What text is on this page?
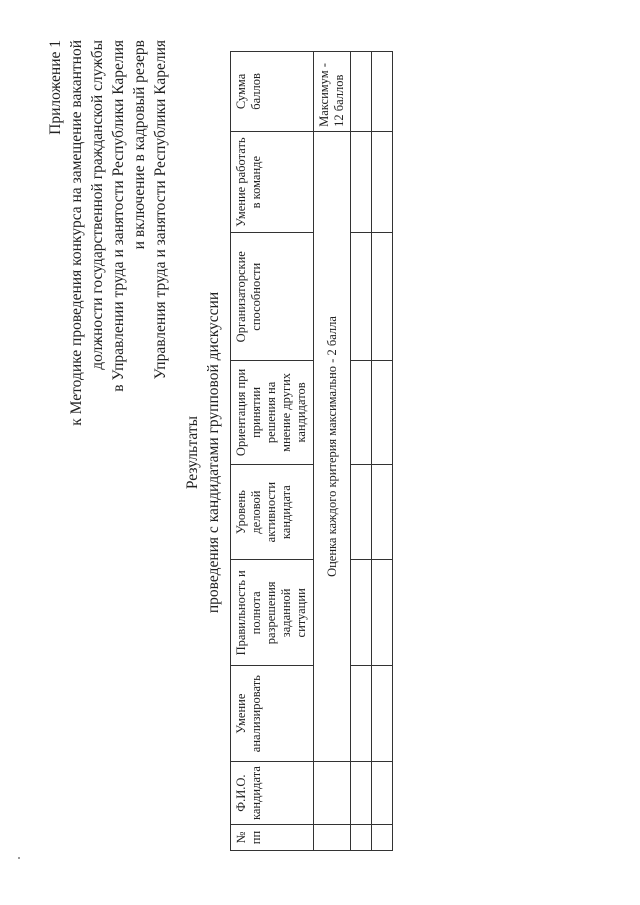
Приложение 1 к Методике проведения конкурса на замещение вакантной должности государственной гражданской службы в Управлении труда и занятости Республики Карелия и включение в кадровый резерв Управления труда и занятости Республики Карелия
Результаты проведения с кандидатами групповой дискуссии
№ пп	Ф.И.О. кандидата	Умение анализировать	Правильность и полнота разрешения заданной ситуации	Уровень деловой активности кандидата	Ориентация при принятии решения на мнение других кандидатов	Организаторские способности	Умение работать в команде	Сумма баллов
		Оценка каждого критерия максимально - 2 балла						Максимум - 12 баллов
